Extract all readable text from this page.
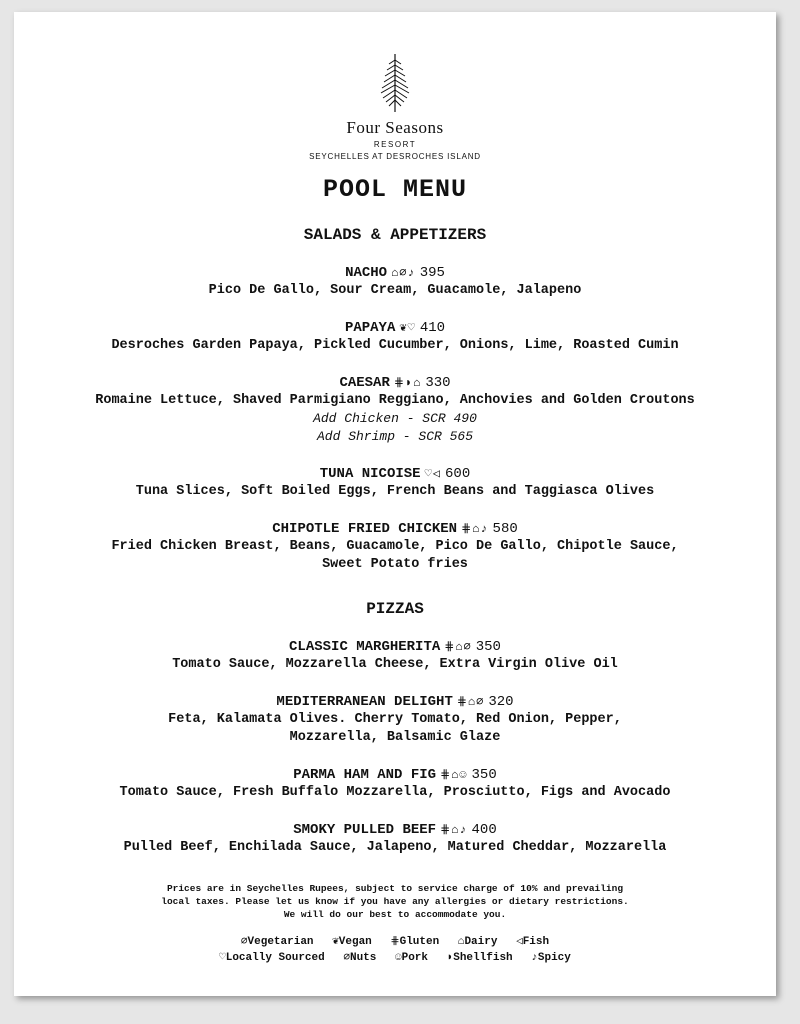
Four Seasons
RESORT
SEYCHELLES AT DESROCHES ISLAND
POOL MENU
SALADS & APPETIZERS
NACHO ⌂⌀♪ 395
Pico De Gallo, Sour Cream, Guacamole, Jalapeno
PAPAYA ❦♡ 410
Desroches Garden Papaya, Pickled Cucumber, Onions, Lime, Roasted Cumin
CAESAR ⋕◗⌂ 330
Romaine Lettuce, Shaved Parmigiano Reggiano, Anchovies and Golden Croutons
Add Chicken - SCR 490
Add Shrimp - SCR 565
TUNA NICOISE ♡◁ 600
Tuna Slices, Soft Boiled Eggs, French Beans and Taggiasca Olives
CHIPOTLE FRIED CHICKEN ⋕⌂♪ 580
Fried Chicken Breast, Beans, Guacamole, Pico De Gallo, Chipotle Sauce,
Sweet Potato fries
PIZZAS
CLASSIC MARGHERITA ⋕⌂⌀ 350
Tomato Sauce, Mozzarella Cheese, Extra Virgin Olive Oil
MEDITERRANEAN DELIGHT ⋕⌂⌀ 320
Feta, Kalamata Olives. Cherry Tomato, Red Onion, Pepper,
Mozzarella, Balsamic Glaze
PARMA HAM AND FIG ⋕⌂☺ 350
Tomato Sauce, Fresh Buffalo Mozzarella, Prosciutto, Figs and Avocado
SMOKY PULLED BEEF ⋕⌂♪ 400
Pulled Beef, Enchilada Sauce, Jalapeno, Matured Cheddar, Mozzarella
Prices are in Seychelles Rupees, subject to service charge of 10% and prevailing
local taxes. Please let us know if you have any allergies or dietary restrictions.
We will do our best to accommodate you.
⌀Vegetarian ❦Vegan ⋕Gluten ⌂Dairy ◁Fish
♡Locally Sourced ⌀Nuts ☺Pork ◗Shellfish ♪Spicy
